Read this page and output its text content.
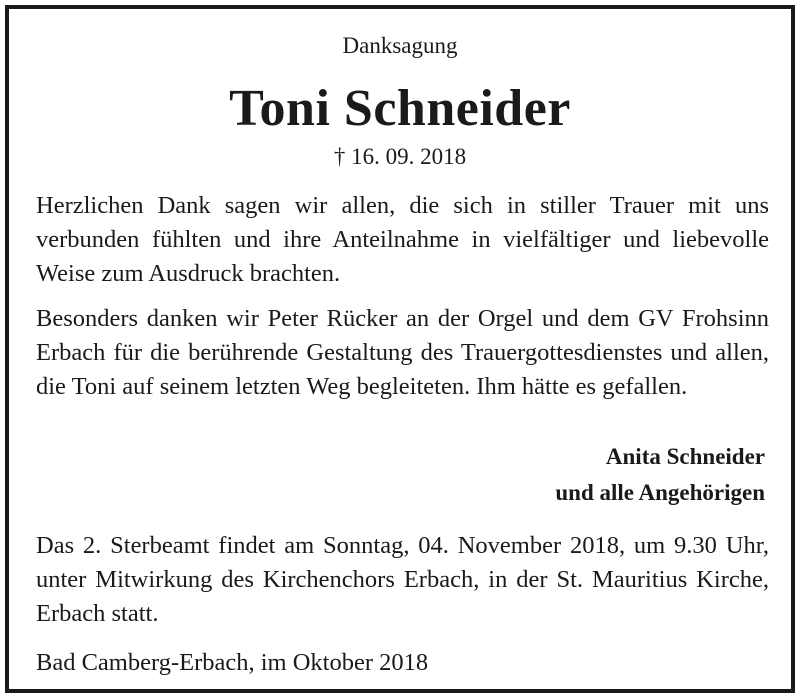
Danksagung
Toni Schneider
† 16. 09. 2018

Herzlichen Dank sagen wir allen, die sich in stiller Trauer mit uns verbunden fühlten und ihre Anteilnahme in vielfältiger und liebevolle Weise zum Ausdruck brachten.

Besonders danken wir Peter Rücker an der Orgel und dem GV Frohsinn Erbach für die berührende Gestaltung des Trauergottesdienstes und allen, die Toni auf seinem letzten Weg begleiteten. Ihm hätte es gefallen.

Anita Schneider
und alle Angehörigen

Das 2. Sterbeamt findet am Sonntag, 04. November 2018, um 9.30 Uhr, unter Mitwirkung des Kirchenchors Erbach, in der St. Mauritius Kirche, Erbach statt.

Bad Camberg-Erbach, im Oktober 2018
